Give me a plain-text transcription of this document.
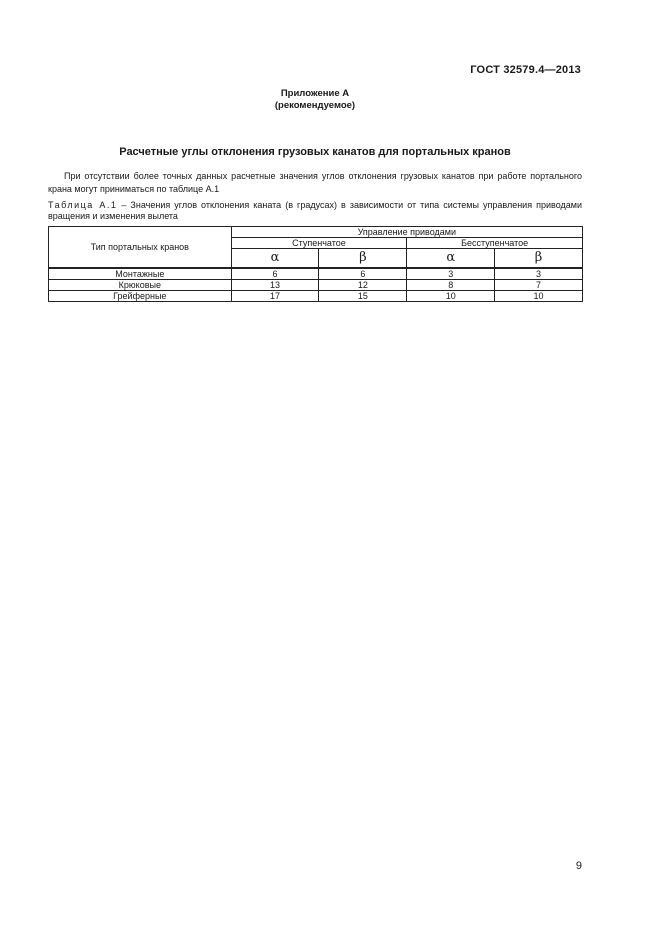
ГОСТ 32579.4—2013
Приложение А
(рекомендуемое)
Расчетные углы отклонения грузовых канатов для портальных кранов
При отсутствии более точных данных расчетные значения углов отклонения грузовых канатов при работе портального крана могут приниматься по таблице А.1
Таблица А.1 – Значения углов отклонения каната (в градусах) в зависимости от типа системы управления приводами вращения и изменения вылета
Тип портальных кранов	Управление приводами			
	Ступенчатое		Бесступенчатое	
	α	β	α	β
Монтажные	6	6	3	3
Крюковые	13	12	8	7
Грейферные	17	15	10	10
9
